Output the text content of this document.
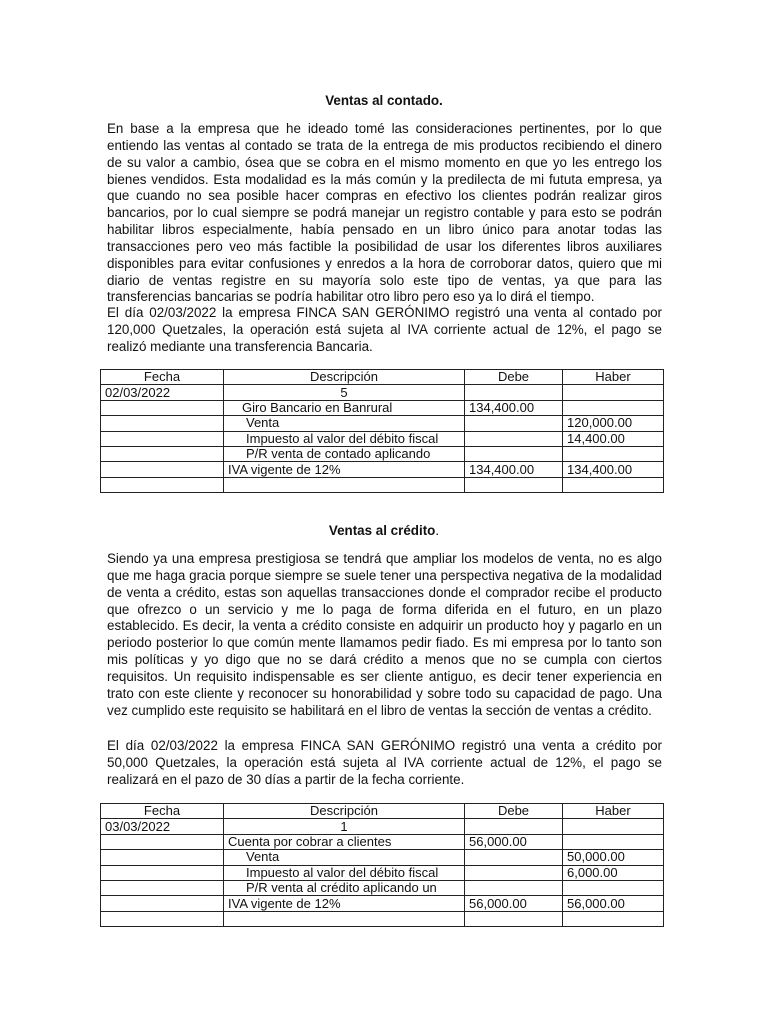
Ventas al contado.

En base a la empresa que he ideado tomé las consideraciones pertinentes, por lo que entiendo las ventas al contado se trata de la entrega de mis productos recibiendo el dinero de su valor a cambio, ósea que se cobra en el mismo momento en que yo les entrego los bienes vendidos. Esta modalidad es la más común y la predilecta de mi fututa empresa, ya que cuando no sea posible hacer compras en efectivo los clientes podrán realizar giros bancarios, por lo cual siempre se podrá manejar un registro contable y para esto se podrán habilitar libros especialmente, había pensado en un libro único para anotar todas las transacciones pero veo más factible la posibilidad de usar los diferentes libros auxiliares disponibles para evitar confusiones y enredos a la hora de corroborar datos, quiero que mi diario de ventas registre en su mayoría solo este tipo de ventas, ya que para las transferencias bancarias se podría habilitar otro libro pero eso ya lo dirá el tiempo.

El día 02/03/2022 la empresa FINCA SAN GERÓNIMO registró una venta al contado por 120,000 Quetzales, la operación está sujeta al IVA corriente actual de 12%, el pago se realizó mediante una transferencia Bancaria.

Fecha	Descripción	Debe	Haber
02/03/2022	5		
	Giro Bancario en Banrural	134,400.00	
	Venta		120,000.00
	Impuesto al valor del débito fiscal		14,400.00
	P/R venta de contado aplicando		
	IVA vigente de 12%	134,400.00	134,400.00

Ventas al crédito.

Siendo ya una empresa prestigiosa se tendrá que ampliar los modelos de venta, no es algo que me haga gracia porque siempre se suele tener una perspectiva negativa de la modalidad de venta a crédito, estas son aquellas transacciones donde el comprador recibe el producto que ofrezco o un servicio y me lo paga de forma diferida en el futuro, en un plazo establecido. Es decir, la venta a crédito consiste en adquirir un producto hoy y pagarlo en un periodo posterior lo que común mente llamamos pedir fiado. Es mi empresa por lo tanto son mis políticas y yo digo que no se dará crédito a menos que no se cumpla con ciertos requisitos. Un requisito indispensable es ser cliente antiguo, es decir tener experiencia en trato con este cliente y reconocer su honorabilidad y sobre todo su capacidad de pago. Una vez cumplido este requisito se habilitará en el libro de ventas la sección de ventas a crédito.

El día 02/03/2022 la empresa FINCA SAN GERÓNIMO registró una venta a crédito por 50,000 Quetzales, la operación está sujeta al IVA corriente actual de 12%, el pago se realizará en el pazo de 30 días a partir de la fecha corriente.

Fecha	Descripción	Debe	Haber
03/03/2022	1		
	Cuenta por cobrar a clientes	56,000.00	
	Venta		50,000.00
	Impuesto al valor del débito fiscal		6,000.00
	P/R venta al crédito aplicando un		
	IVA vigente de 12%	56,000.00	56,000.00
